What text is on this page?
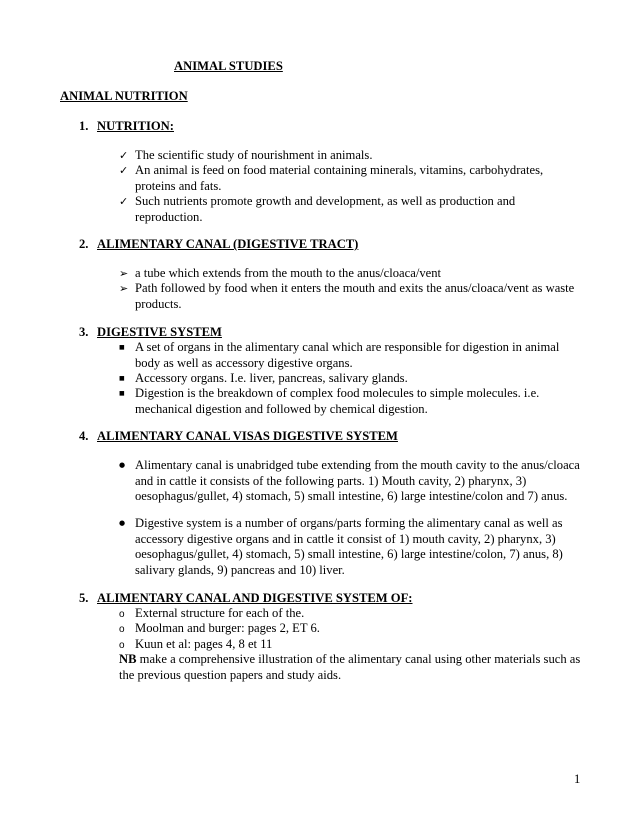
ANIMAL STUDIES
ANIMAL NUTRITION
1. NUTRITION:
✓
The scientific study of nourishment in animals.
✓
An animal is feed on food material containing minerals, vitamins, carbohydrates, proteins and fats.
✓
Such nutrients promote growth and development, as well as production and reproduction.
2. ALIMENTARY CANAL (DIGESTIVE TRACT)
➢
a tube which extends from the mouth to the anus/cloaca/vent
➢
Path followed by food when it enters the mouth and exits the anus/cloaca/vent as waste products.
3. DIGESTIVE SYSTEM
■
A set of organs in the alimentary canal which are responsible for digestion in animal body as well as accessory digestive organs.
■
Accessory organs. I.e. liver, pancreas, salivary glands.
■
Digestion is the breakdown of complex food molecules to simple molecules. i.e. mechanical digestion and followed by chemical digestion.
4. ALIMENTARY CANAL VISAS DIGESTIVE SYSTEM
●
Alimentary canal is unabridged tube extending from the mouth cavity to the anus/cloaca and in cattle it consists of the following parts. 1) Mouth cavity, 2) pharynx, 3) oesophagus/gullet, 4) stomach, 5) small intestine, 6) large intestine/colon and 7) anus.
●
Digestive system is a number of organs/parts forming the alimentary canal as well as accessory digestive organs and in cattle it consist of 1) mouth cavity, 2) pharynx, 3) oesophagus/gullet, 4) stomach, 5) small intestine, 6) large intestine/colon, 7) anus, 8) salivary glands, 9) pancreas and 10) liver.
5. ALIMENTARY CANAL AND DIGESTIVE SYSTEM OF:
o
External structure for each of the.
o
Moolman and burger: pages 2, ET 6.
o
Kuun et al: pages 4, 8 et 11
NB make a comprehensive illustration of the alimentary canal using other materials such as the previous question papers and study aids.
1
